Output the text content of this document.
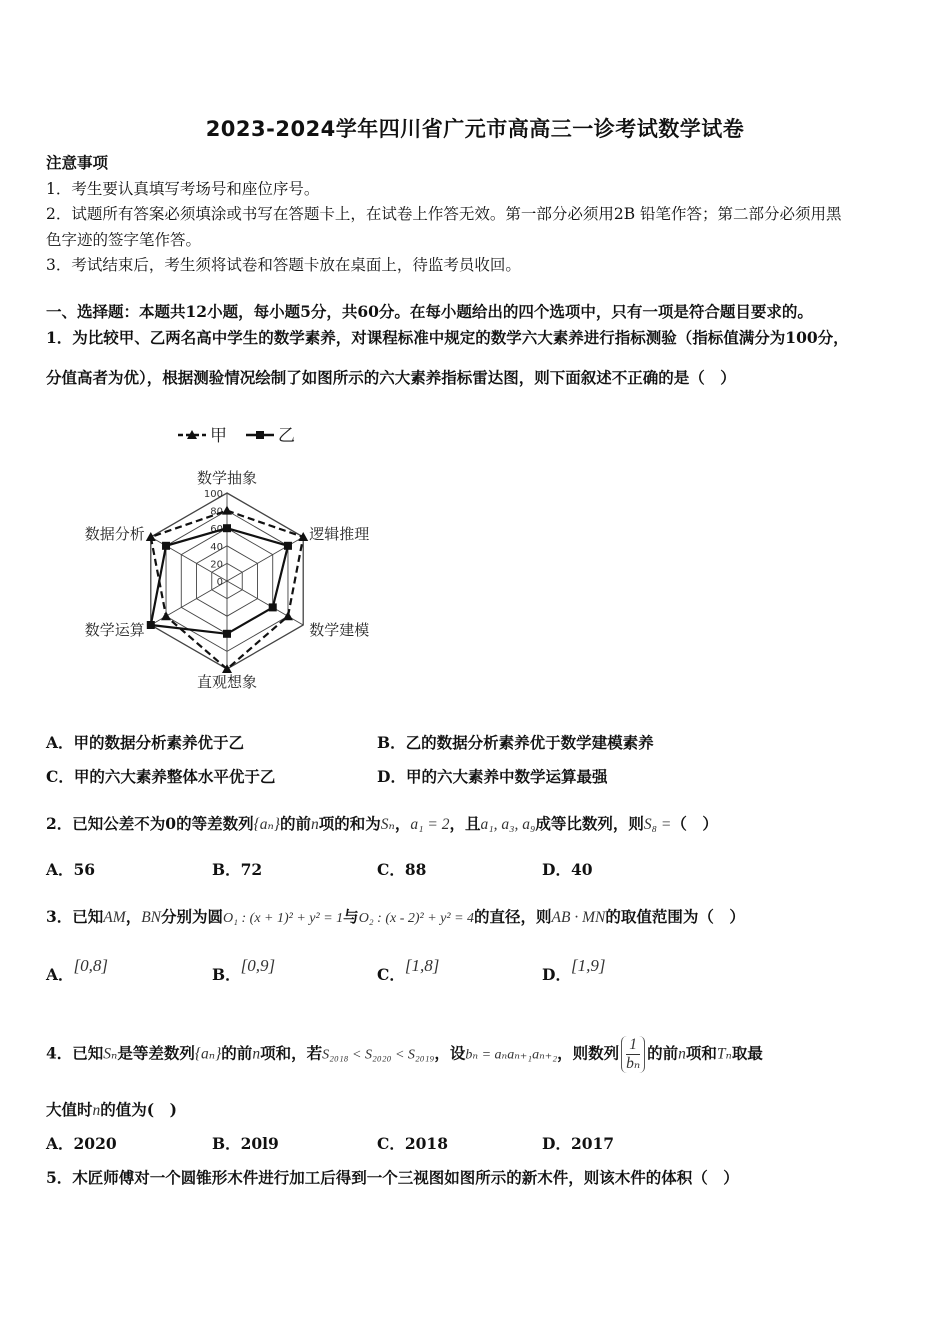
2023-2024学年四川省广元市高高三一诊考试数学试卷
注意事项
1．考生要认真填写考场号和座位序号。
2．试题所有答案必须填涂或书写在答题卡上，在试卷上作答无效。第一部分必须用2B 铅笔作答；第二部分必须用黑
色字迹的签字笔作答。
3．考试结束后，考生须将试卷和答题卡放在桌面上，待监考员收回。
一、选择题：本题共12小题，每小题5分，共60分。在每小题给出的四个选项中，只有一项是符合题目要求的。
1．为比较甲、乙两名高中学生的数学素养，对课程标准中规定的数学六大素养进行指标测验（指标值满分为100分，
分值高者为优），根据测验情况绘制了如图所示的六大素养指标雷达图，则下面叙述不正确的是（　）
甲	乙
100
80
60
40
20
0
数学抽象
逻辑推理
数学建模
直观想象
数学运算
数据分析
A．甲的数据分析素养优于乙	B．乙的数据分析素养优于数学建模素养
C．甲的六大素养整体水平优于乙	D．甲的六大素养中数学运算最强
2．已知公差不为0的等差数列{aₙ}的前n项的和为Sₙ，a₁ = 2，且a₁, a₃, a₉成等比数列，则S₈ =（　）
A．56	B．72	C．88	D．40
3．已知AM，BN分别为圆O₁ : (x + 1)² + y² = 1与O₂ : (x - 2)² + y² = 4的直径，则AB · MN的取值范围为（　）
A．[0,8]	B．[0,9]	C．[1,8]	D．[1,9]
4．已知Sₙ是等差数列{aₙ}的前n项和，若S₂₀₁₈ < S₂₀₂₀ < S₂₀₁₉，设bₙ = aₙaₙ₊₁aₙ₊₂，则数列 $\frac{1}{\text{bₙ}}$ 的前n项和Tₙ取最
大值时n的值为(　)
A．2020	B．20l9	C．2018	D．2017
5．木匠师傅对一个圆锥形木件进行加工后得到一个三视图如图所示的新木件，则该木件的体积（　）
